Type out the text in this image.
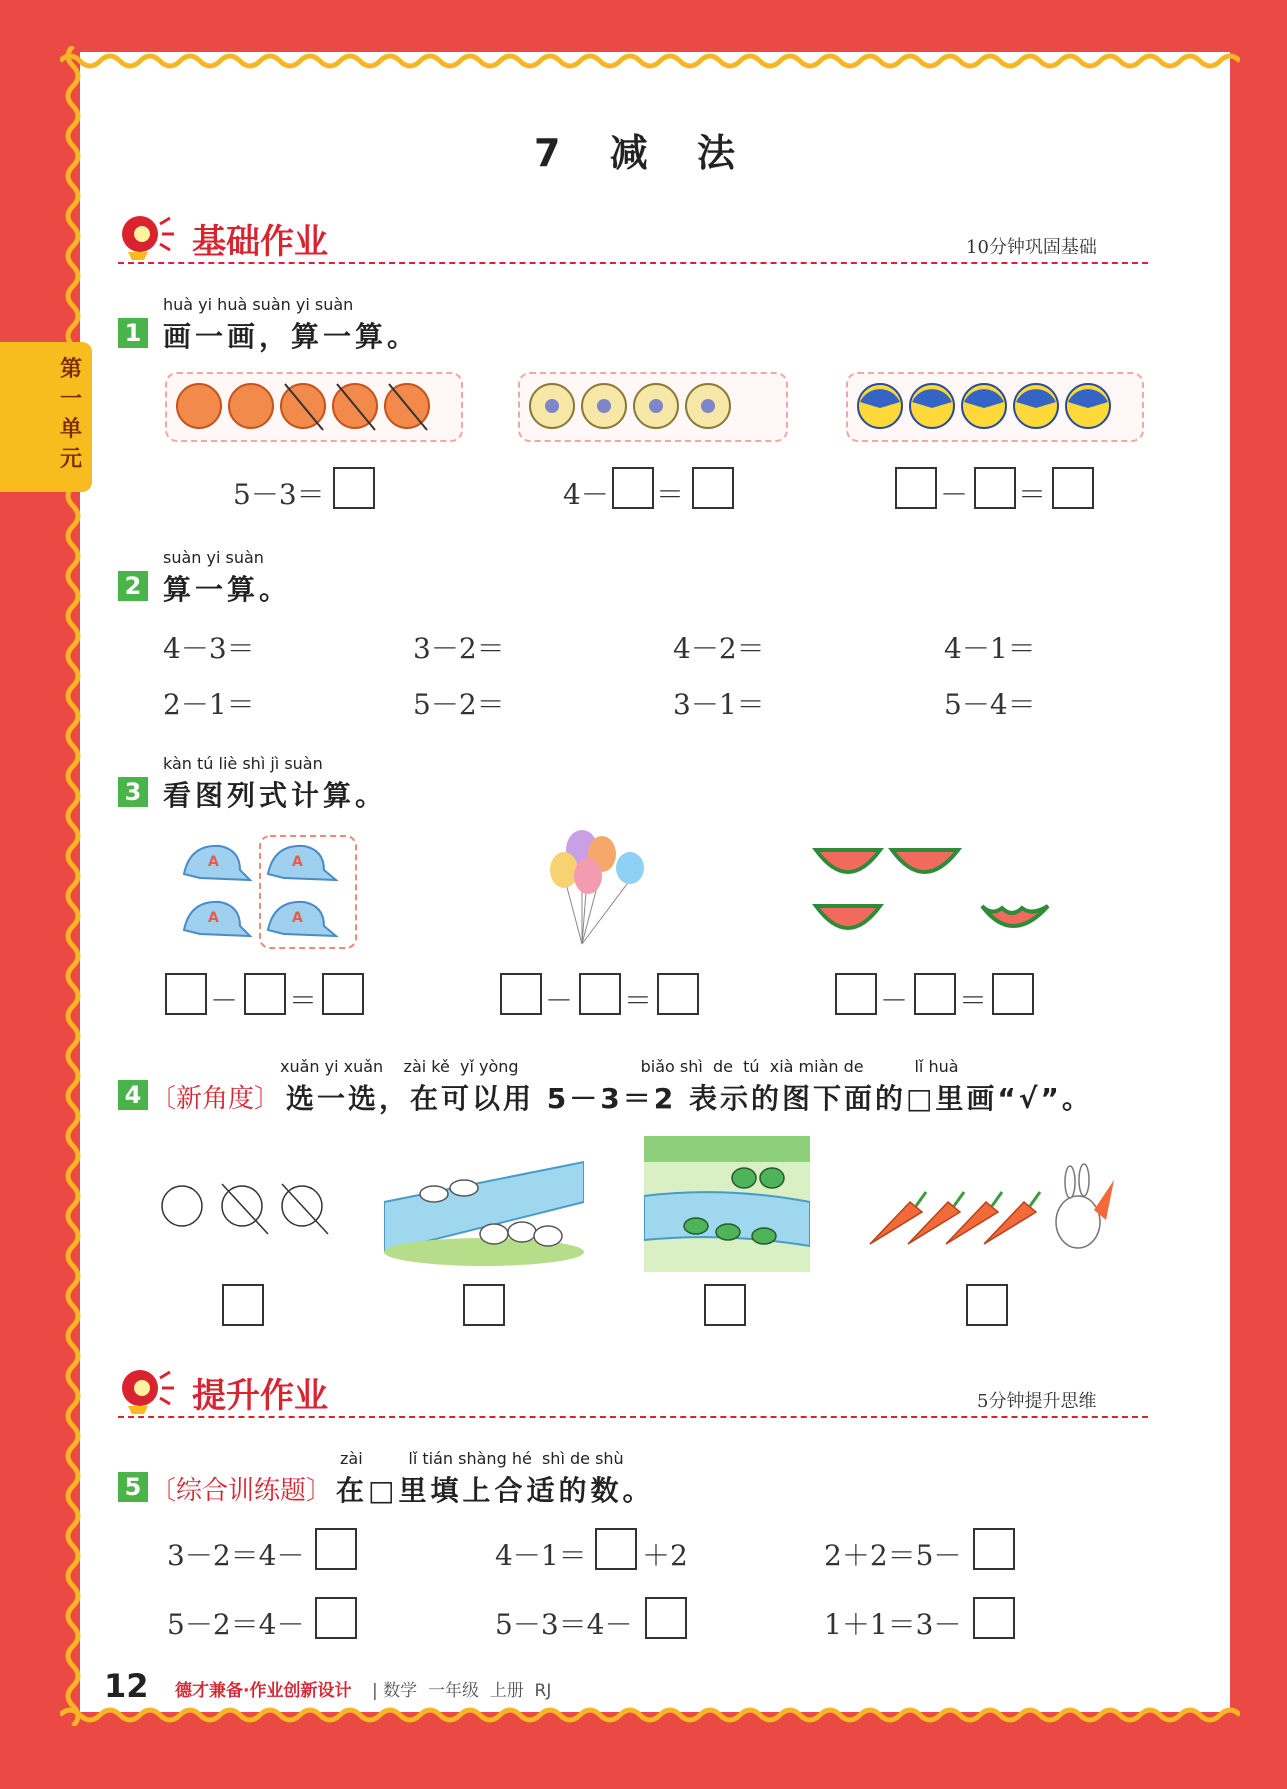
第一单元
7 减 法
基础作业	10分钟巩固基础
huà yi huà suàn yi suàn
1 画一画，算一算。
5－3＝	4－ ＝	－ ＝
suàn yi suàn
2 算一算。
4－3＝	3－2＝	4－2＝	4－1＝
2－1＝	5－2＝	3－1＝	5－4＝
kàn tú liè shì jì suàn
3 看图列式计算。
A
A
A
A
－ ＝	－ ＝	－ ＝
xuǎn yi xuǎn    zài kě  yǐ yòng                        biǎo shì  de  tú  xià miàn de          lǐ huà
4 〔新角度〕 选一选，在可以用 5－3＝2 表示的图下面的□里画“√”。
提升作业	5分钟提升思维
zài         lǐ tián shàng hé  shì de shù
5 〔综合训练题〕 在□里填上合适的数。
3－2＝4－	4－1＝ ＋2	2＋2＝5－
5－2＝4－	5－3＝4－	1＋1＝3－
12 德才兼备·作业创新设计 | 数学  一年级  上册  RJ
